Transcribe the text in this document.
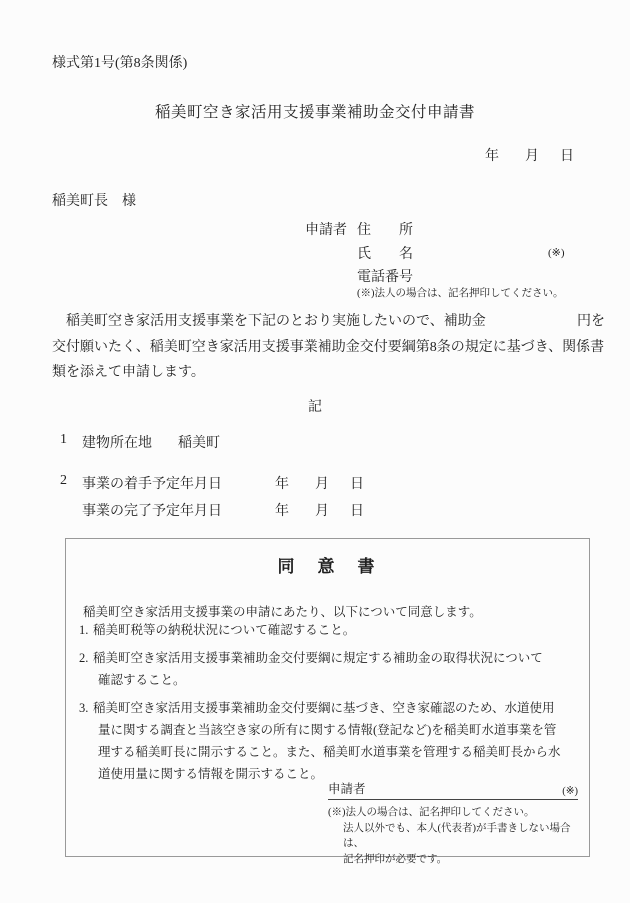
様式第1号(第8条関係)
稲美町空き家活用支援事業補助金交付申請書
年 月 日
稲美町長　様
申請者 住　　所
氏　　名	(※)
電話番号
(※)法人の場合は、記名押印してください。
　稲美町空き家活用支援事業を下記のとおり実施したいので、補助金	円を
交付願いたく、稲美町空き家活用支援事業補助金交付要綱第8条の規定に基づき、関係書
類を添えて申請します。
記
1 建物所在地 稲美町
2 事業の着手予定年月日	年 月 日
事業の完了予定年月日	年 月 日
同　意　書
稲美町空き家活用支援事業の申請にあたり、以下について同意します。
1. 稲美町税等の納税状況について確認すること。
2. 稲美町空き家活用支援事業補助金交付要綱に規定する補助金の取得状況について
確認すること。
3. 稲美町空き家活用支援事業補助金交付要綱に基づき、空き家確認のため、水道使用
量に関する調査と当該空き家の所有に関する情報(登記など)を稲美町水道事業を管
理する稲美町長に開示すること。また、稲美町水道事業を管理する稲美町長から水
道使用量に関する情報を開示すること。
申請者	(※)
(※)法人の場合は、記名押印してください。
法人以外でも、本人(代表者)が手書きしない場合は、
記名押印が必要です。
